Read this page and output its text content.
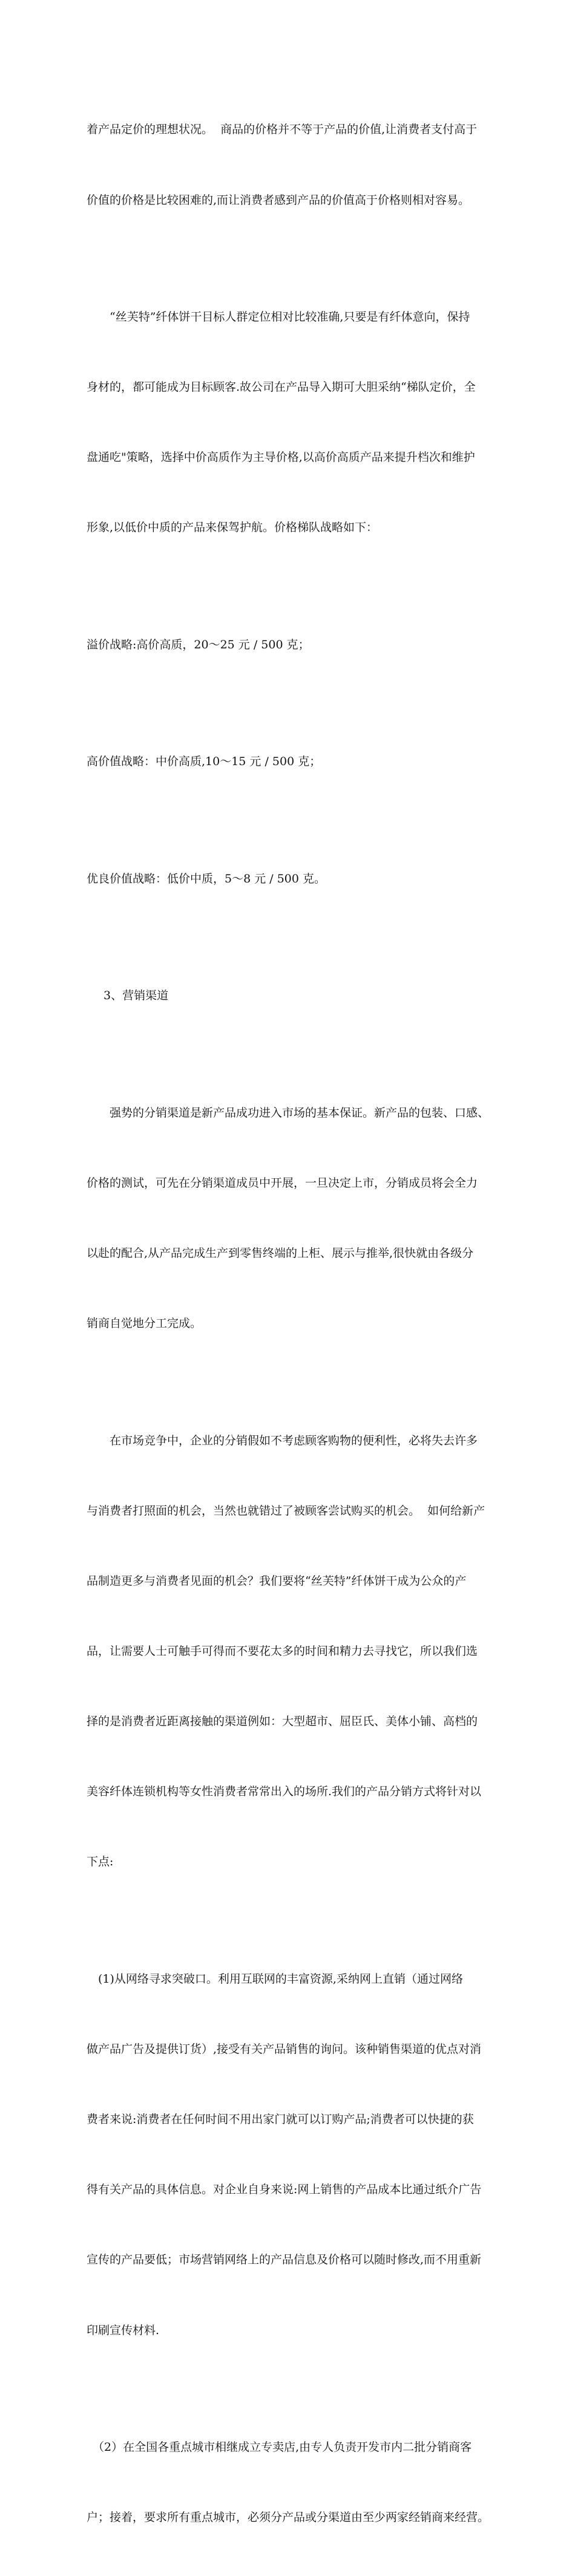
着产品定价的理想状况。  商品的价格并不等于产品的价值,让消费者支付高于

价值的价格是比较困难的,而让消费者感到产品的价值高于价格则相对容易。

“丝芙特”纤体饼干目标人群定位相对比较准确,只要是有纤体意向，保持

身材的，都可能成为目标顾客.故公司在产品导入期可大胆采纳“梯队定价，全

盘通吃"策略，选择中价高质作为主导价格,以高价高质产品来提升档次和维护

形象,以低价中质的产品来保驾护航。价格梯队战略如下：

溢价战略:高价高质，20～25 元 / 500 克；

高价值战略：中价高质,10～15 元 / 500 克；

优良价值战略：低价中质，5～8 元 / 500 克。

3、营销渠道

强势的分销渠道是新产品成功进入市场的基本保证。新产品的包装、口感、

价格的测试，可先在分销渠道成员中开展，一旦决定上市，分销成员将会全力

以赴的配合,从产品完成生产到零售终端的上柜、展示与推举,很快就由各级分

销商自觉地分工完成。

在市场竞争中，企业的分销假如不考虑顾客购物的便利性，必将失去许多

与消费者打照面的机会，当然也就错过了被顾客尝试购买的机会。  如何给新产

品制造更多与消费者见面的机会？我们要将“丝芙特”纤体饼干成为公众的产

品，让需要人士可触手可得而不要花太多的时间和精力去寻找它，所以我们选

择的是消费者近距离接触的渠道例如：大型超市、屈臣氏、美体小铺、高档的

美容纤体连锁机构等女性消费者常常出入的场所.我们的产品分销方式将针对以

下点:

(1)从网络寻求突破口。利用互联网的丰富资源,采纳网上直销（通过网络

做产品广告及提供订货）,接受有关产品销售的询问。该种销售渠道的优点对消

费者来说:消费者在任何时间不用出家门就可以订购产品;消费者可以快捷的获

得有关产品的具体信息。对企业自身来说:网上销售的产品成本比通过纸介广告

宣传的产品要低；市场营销网络上的产品信息及价格可以随时修改,而不用重新

印刷宣传材料.

（2）在全国各重点城市相继成立专卖店,由专人负责开发市内二批分销商客

户；接着，要求所有重点城市，必须分产品或分渠道由至少两家经销商来经营。
